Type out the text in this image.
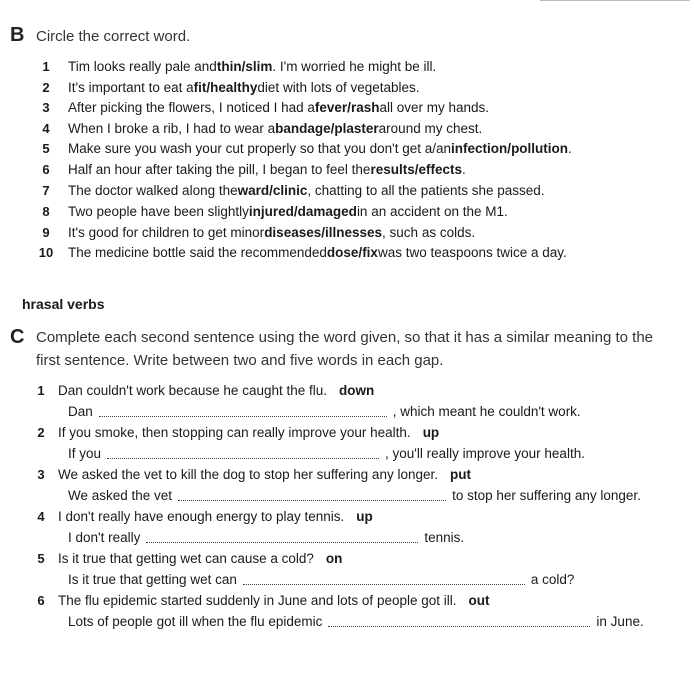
B Circle the correct word.
1	Tim looks really pale and thin / slim . I'm worried he might be ill.
2	It's important to eat a fit / healthy diet with lots of vegetables.
3	After picking the flowers, I noticed I had a fever / rash all over my hands.
4	When I broke a rib, I had to wear a bandage / plaster around my chest.
5	Make sure you wash your cut properly so that you don't get a/an infection / pollution .
6	Half an hour after taking the pill, I began to feel the results / effects .
7	The doctor walked along the ward / clinic , chatting to all the patients she passed.
8	Two people have been slightly injured / damaged in an accident on the M1.
9	It's good for children to get minor diseases / illnesses , such as colds.
10	The medicine bottle said the recommended dose / fix was two teaspoons twice a day.
hrasal verbs
C Complete each second sentence using the word given, so that it has a similar meaning to the first sentence. Write between two and five words in each gap.
1 Dan couldn't work because he caught the flu. down
Dan	, which meant he couldn't work.
2 If you smoke, then stopping can really improve your health. up
If you	, you'll really improve your health.
3 We asked the vet to kill the dog to stop her suffering any longer. put
We asked the vet	to stop her suffering any longer.
4 I don't really have enough energy to play tennis. up
I don't really	tennis.
5 Is it true that getting wet can cause a cold? on
Is it true that getting wet can	a cold?
6 The flu epidemic started suddenly in June and lots of people got ill. out
Lots of people got ill when the flu epidemic	in June.
